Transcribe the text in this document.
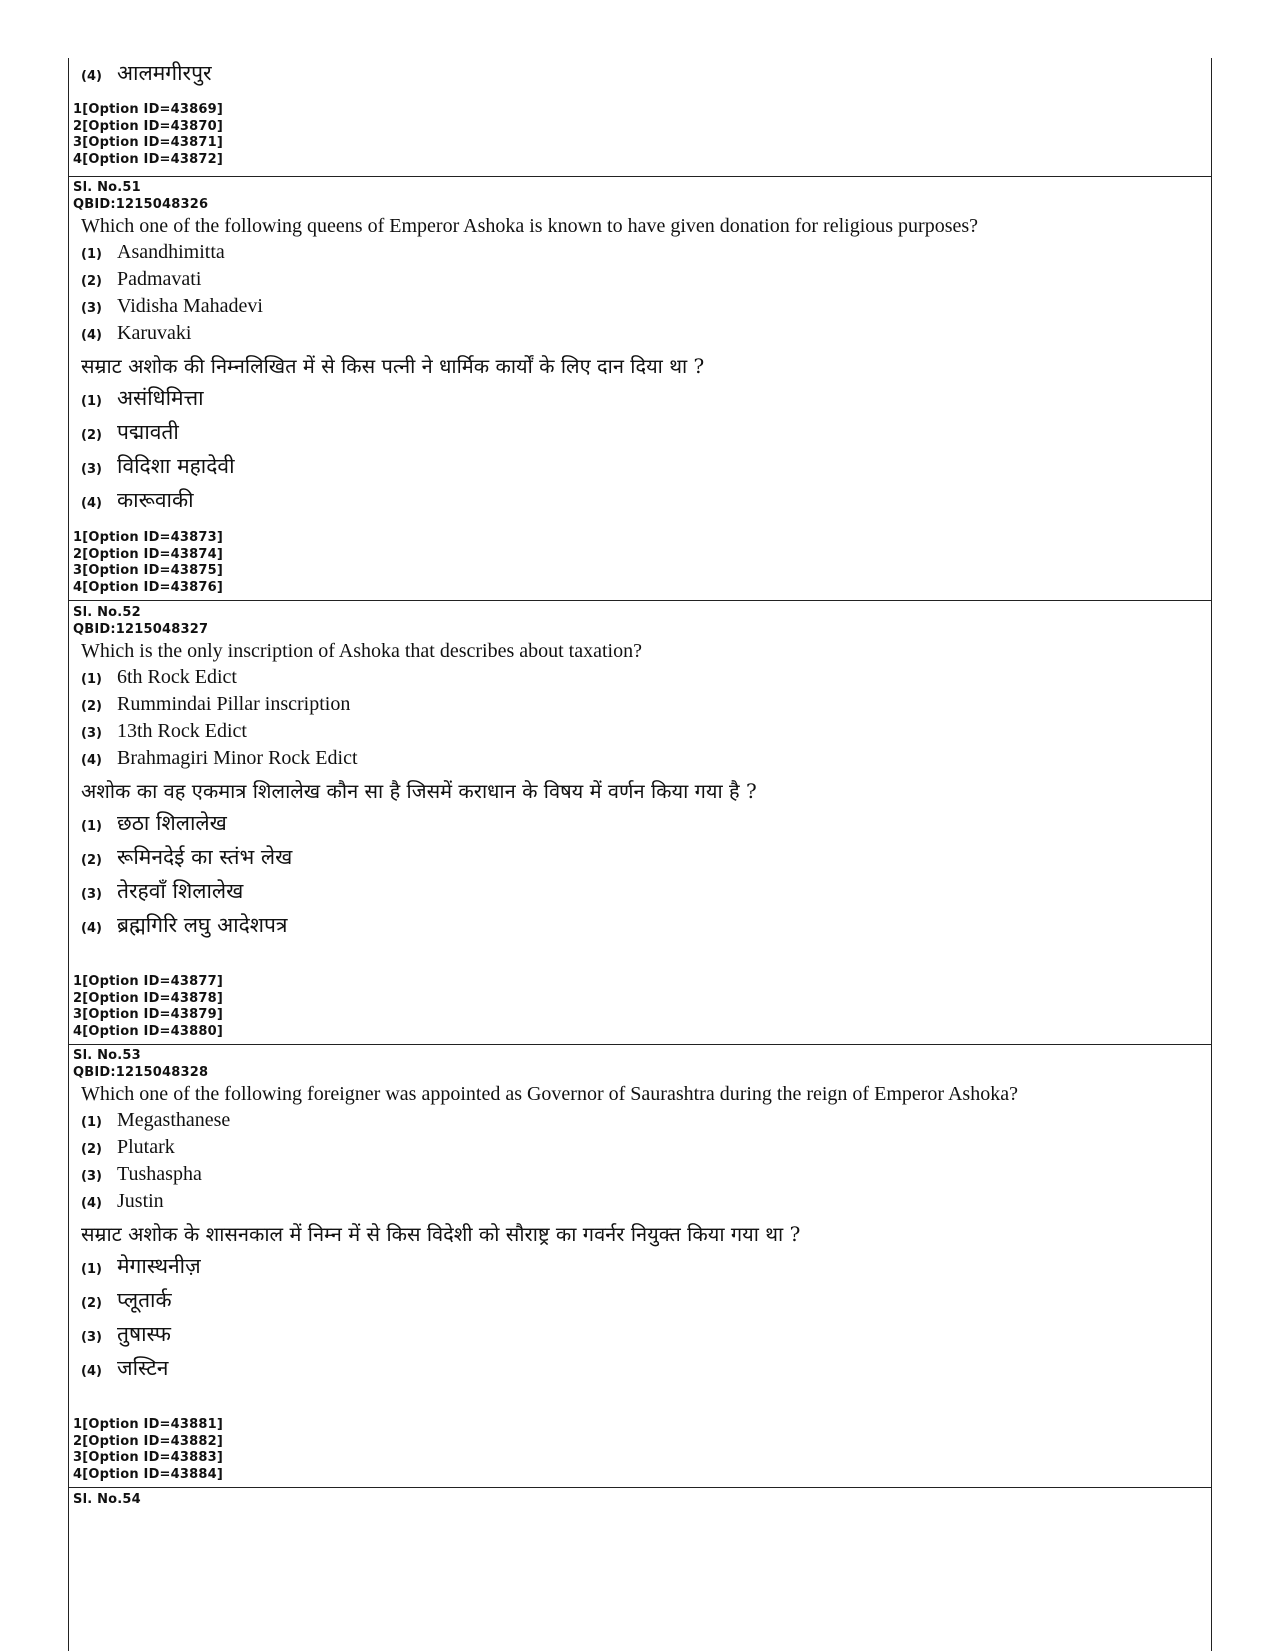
(4) आलमगीरपुर
1[Option ID=43869]
2[Option ID=43870]
3[Option ID=43871]
4[Option ID=43872]
Sl. No.51
QBID:1215048326
Which one of the following queens of Emperor Ashoka is known to have given donation for religious purposes?
(1) Asandhimitta
(2) Padmavati
(3) Vidisha Mahadevi
(4) Karuvaki
सम्राट अशोक की निम्नलिखित में से किस पत्नी ने धार्मिक कार्यों के लिए दान दिया था ?
(1) असंधिमित्ता
(2) पद्मावती
(3) विदिशा महादेवी
(4) कारूवाकी
1[Option ID=43873]
2[Option ID=43874]
3[Option ID=43875]
4[Option ID=43876]
Sl. No.52
QBID:1215048327
Which is the only inscription of Ashoka that describes about taxation?
(1) 6th Rock Edict
(2) Rummindai Pillar inscription
(3) 13th Rock Edict
(4) Brahmagiri Minor Rock Edict
अशोक का वह एकमात्र शिलालेख कौन सा है जिसमें कराधान के विषय में वर्णन किया गया है ?
(1) छठा शिलालेख
(2) रूमिनदेई का स्तंभ लेख
(3) तेरहवाँ शिलालेख
(4) ब्रह्मगिरि लघु आदेशपत्र
1[Option ID=43877]
2[Option ID=43878]
3[Option ID=43879]
4[Option ID=43880]
Sl. No.53
QBID:1215048328
Which one of the following foreigner was appointed as Governor of Saurashtra during the reign of Emperor Ashoka?
(1) Megasthanese
(2) Plutark
(3) Tushaspha
(4) Justin
सम्राट अशोक के शासनकाल में निम्न में से किस विदेशी को सौराष्ट्र का गवर्नर नियुक्त किया गया था ?
(1) मेगास्थनीज़
(2) प्लूतार्क
(3) तुषास्फ
(4) जस्टिन
1[Option ID=43881]
2[Option ID=43882]
3[Option ID=43883]
4[Option ID=43884]
Sl. No.54
